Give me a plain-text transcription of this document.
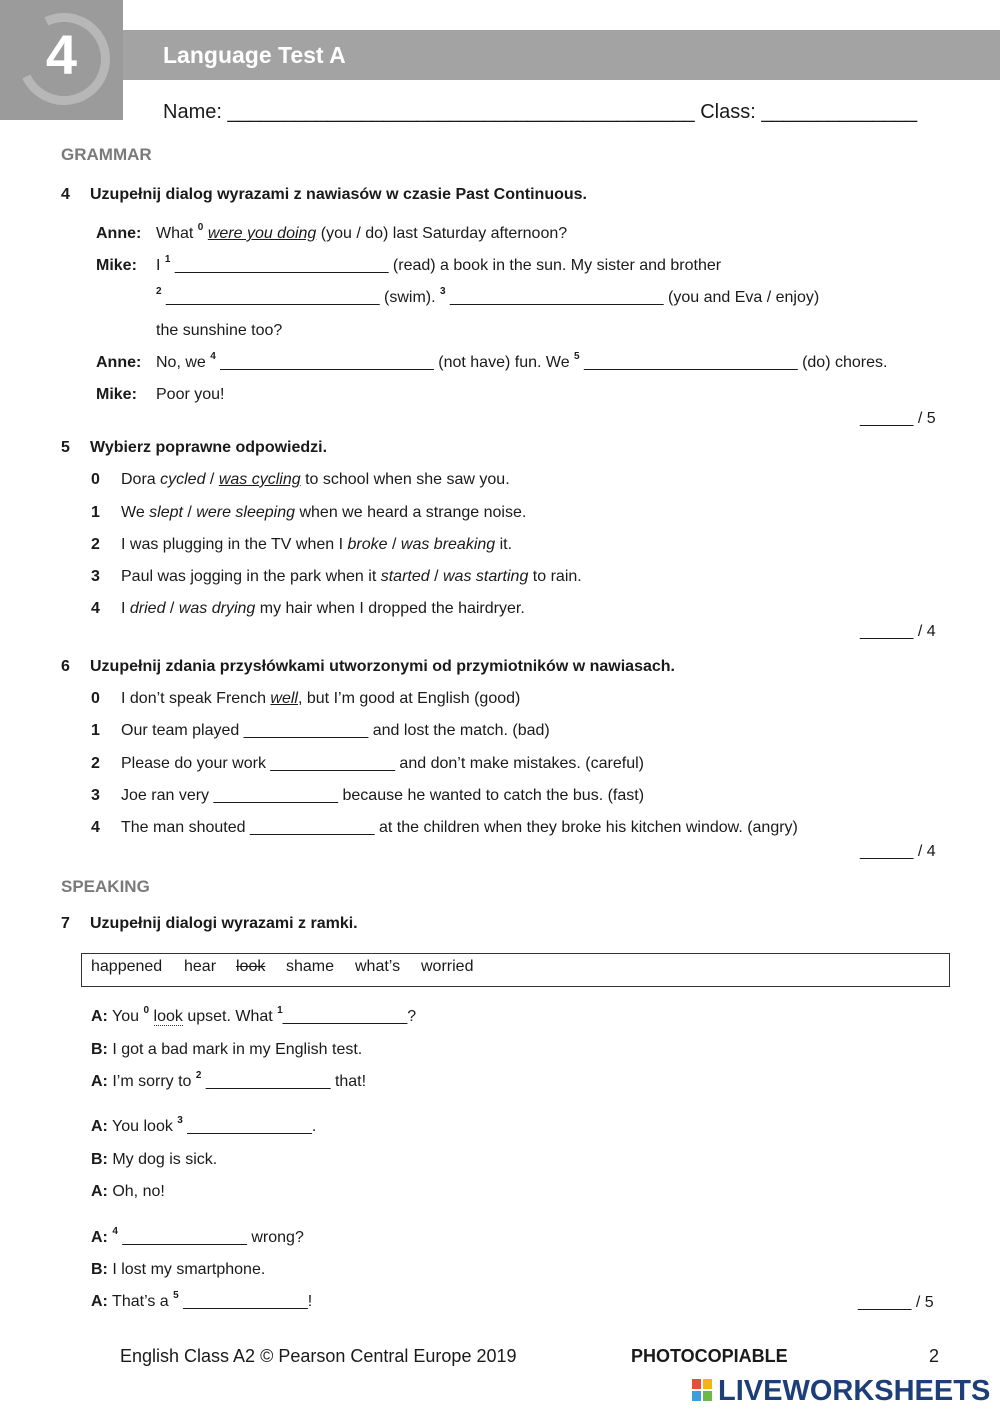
4	Language Test A
Name: __________________________________________ Class: ______________
GRAMMAR
4 Uzupełnij dialog wyrazami z nawiasów w czasie Past Continuous.
Anne: What $^0$ were you doing (you / do) last Saturday afternoon?
Mike: I $^1$ ________________________ (read) a book in the sun. My sister and brother
$^2$ ________________________ (swim). $^3$ ________________________ (you and Eva / enjoy)
the sunshine too?
Anne: No, we $^4$ ________________________ (not have) fun. We $^5$ ________________________ (do) chores.
Mike: Poor you!
______ / 5
5 Wybierz poprawne odpowiedzi.
0 Dora cycled / was cycling to school when she saw you.
1 We slept / were sleeping when we heard a strange noise.
2 I was plugging in the TV when I broke / was breaking it.
3 Paul was jogging in the park when it started / was starting to rain.
4 I dried / was drying my hair when I dropped the hairdryer.
______ / 4
6 Uzupełnij zdania przysłówkami utworzonymi od przymiotników w nawiasach.
0 I don’t speak French well, but I’m good at English (good)
1 Our team played ______________ and lost the match. (bad)
2 Please do your work ______________ and don’t make mistakes. (careful)
3 Joe ran very ______________ because he wanted to catch the bus. (fast)
4 The man shouted ______________ at the children when they broke his kitchen window. (angry)
______ / 4
SPEAKING
7 Uzupełnij dialogi wyrazami z ramki.
happened hear look shame what’s worried
A: You $^0$ look upset. What $^1$______________?
B: I got a bad mark in my English test.
A: I’m sorry to $^2$ ______________ that!
A: You look $^3$ ______________.
B: My dog is sick.
A: Oh, no!
A: $^4$ ______________ wrong?
B: I lost my smartphone.
A: That’s a $^5$ ______________!	______ / 5
English Class A2 © Pearson Central Europe 2019	PHOTOCOPIABLE	2
LIVEWORKSHEETS
